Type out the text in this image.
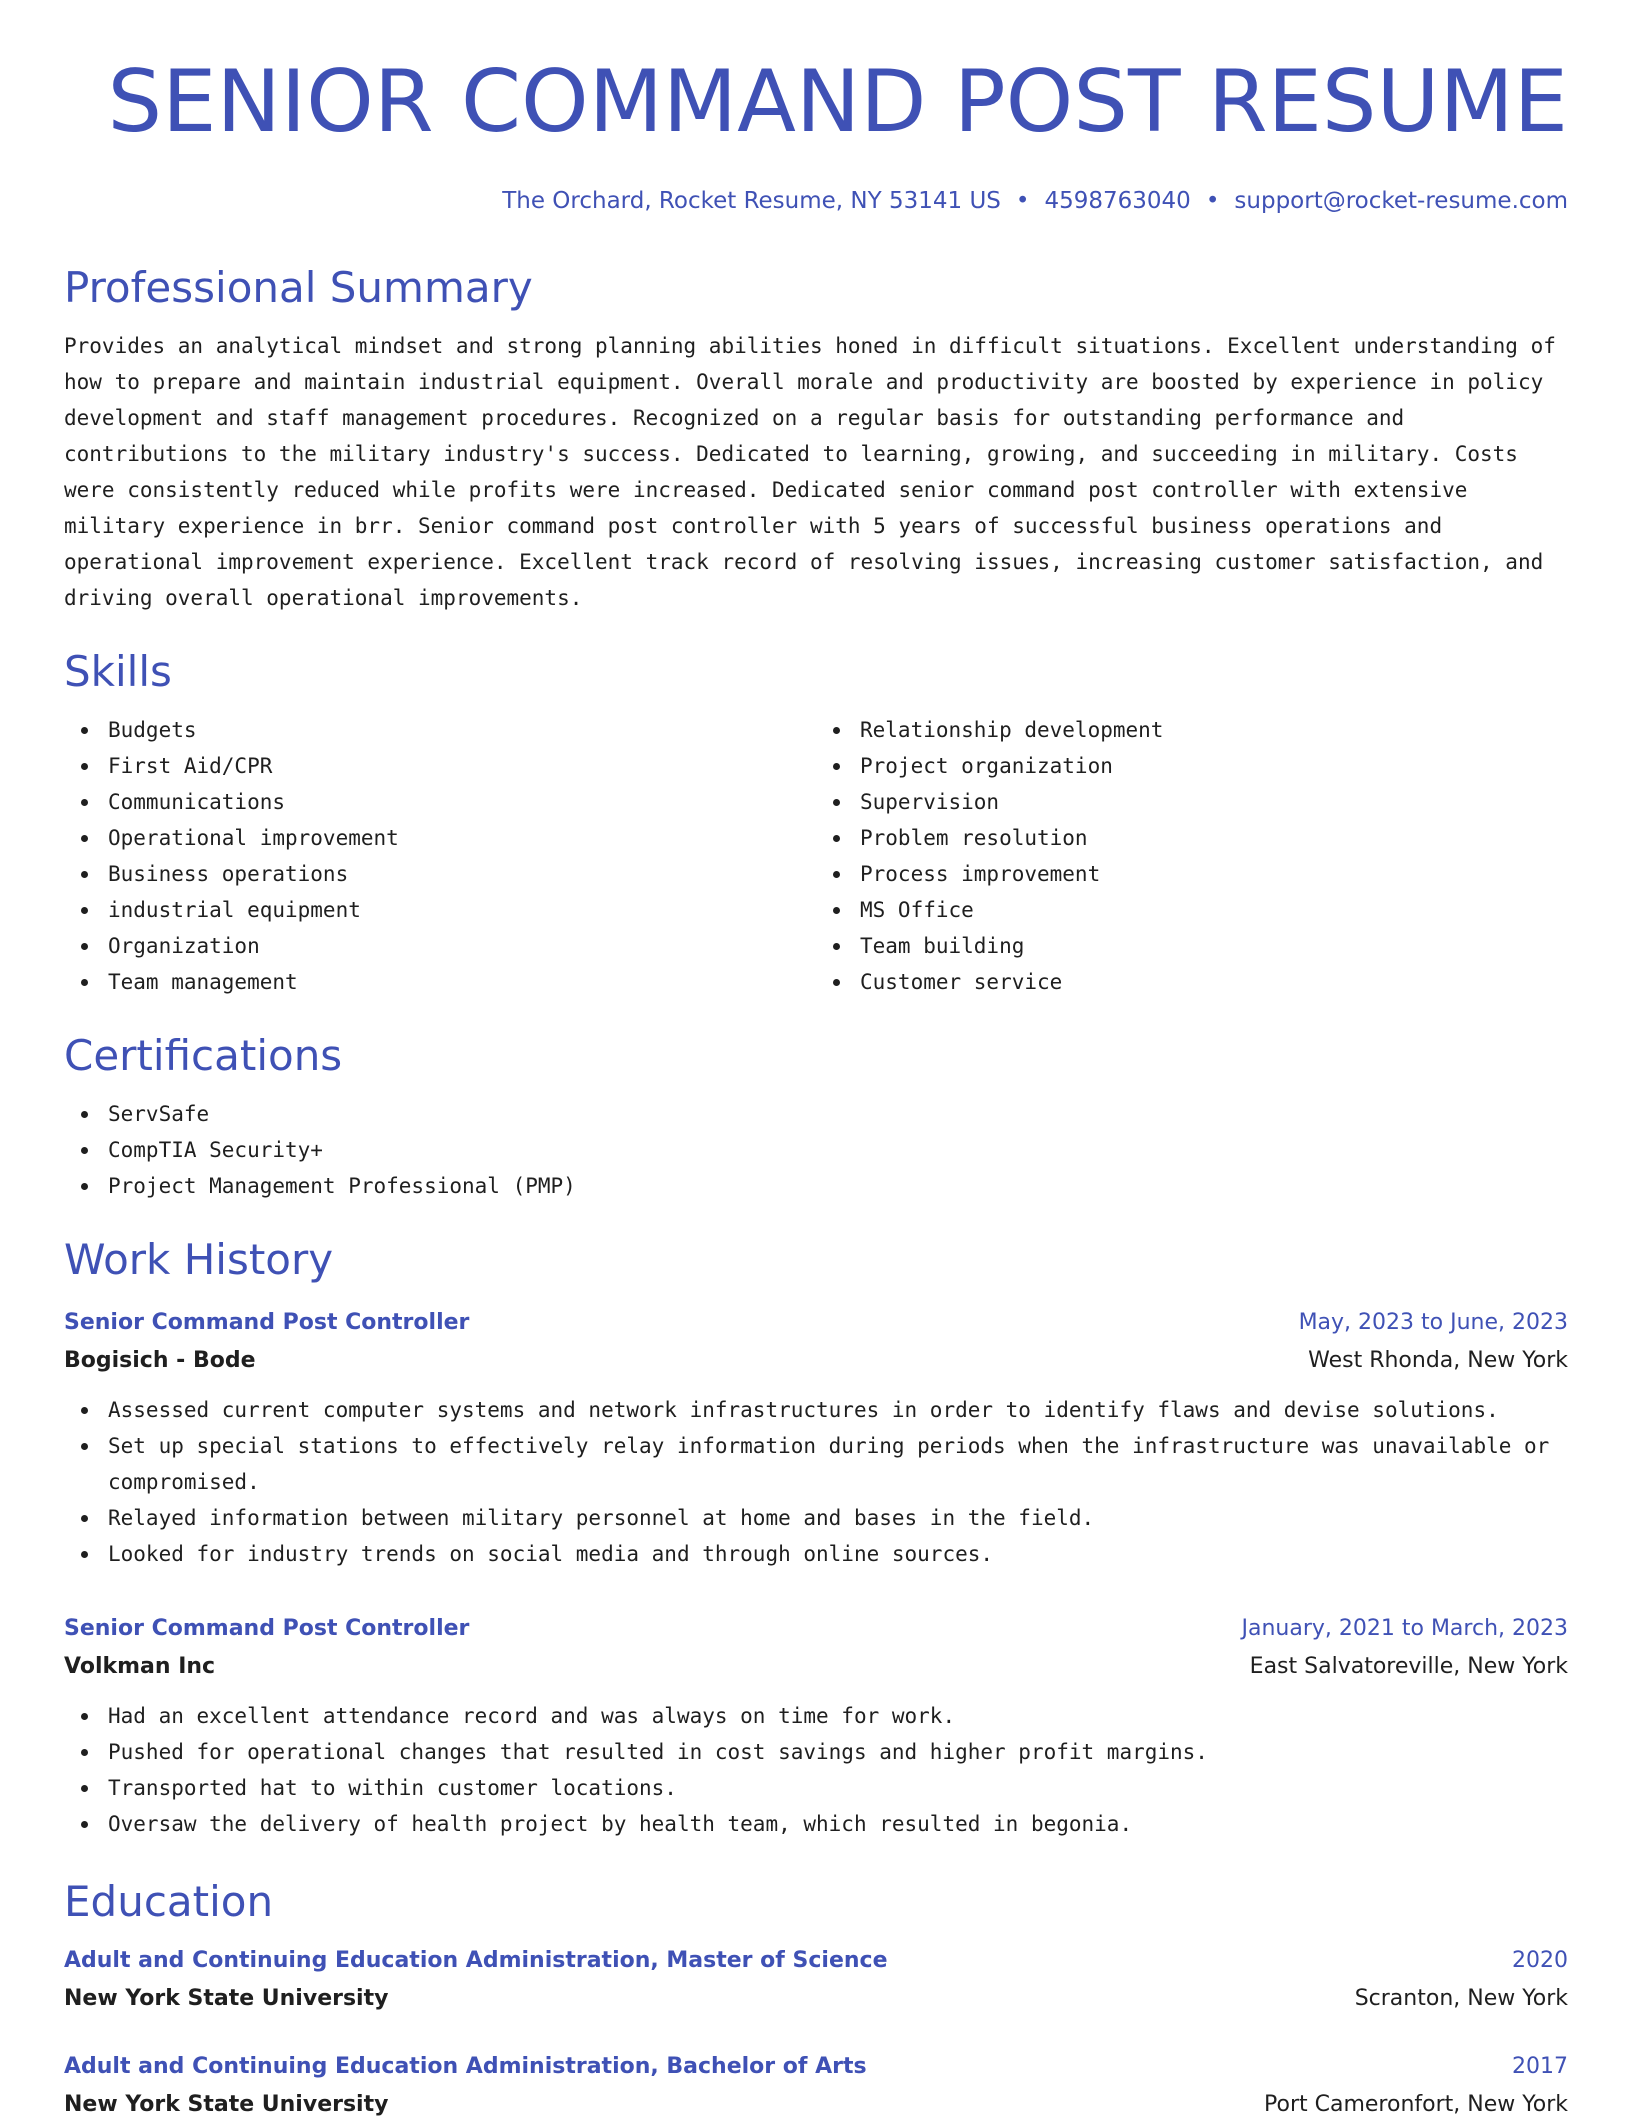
SENIOR COMMAND POST RESUME
The Orchard, Rocket Resume, NY 53141 US • 4598763040 • support@rocket-resume.com
Professional Summary

Provides an analytical mindset and strong planning abilities honed in difficult situations. Excellent understanding of how to prepare and maintain industrial equipment. Overall morale and productivity are boosted by experience in policy development and staff management procedures. Recognized on a regular basis for outstanding performance and contributions to the military industry's success. Dedicated to learning, growing, and succeeding in military. Costs were consistently reduced while profits were increased. Dedicated senior command post controller with extensive military experience in brr. Senior command post controller with 5 years of successful business operations and operational improvement experience. Excellent track record of resolving issues, increasing customer satisfaction, and driving overall operational improvements.

Skills
Budgets
First Aid/CPR
Communications
Operational improvement
Business operations
industrial equipment
Organization
Team management
Relationship development
Project organization
Supervision
Problem resolution
Process improvement
MS Office
Team building
Customer service
Certifications
ServSafe
CompTIA Security+
Project Management Professional (PMP)
Work History
Senior Command Post Controller	May, 2023 to June, 2023
Bogisich - Bode	West Rhonda, New York
Assessed current computer systems and network infrastructures in order to identify flaws and devise solutions.
Set up special stations to effectively relay information during periods when the infrastructure was unavailable or compromised.
Relayed information between military personnel at home and bases in the field.
Looked for industry trends on social media and through online sources.
Senior Command Post Controller	January, 2021 to March, 2023
Volkman Inc	East Salvatoreville, New York
Had an excellent attendance record and was always on time for work.
Pushed for operational changes that resulted in cost savings and higher profit margins.
Transported hat to within customer locations.
Oversaw the delivery of health project by health team, which resulted in begonia.
Education
Adult and Continuing Education Administration, Master of Science	2020
New York State University	Scranton, New York
Adult and Continuing Education Administration, Bachelor of Arts	2017
New York State University	Port Cameronfort, New York
